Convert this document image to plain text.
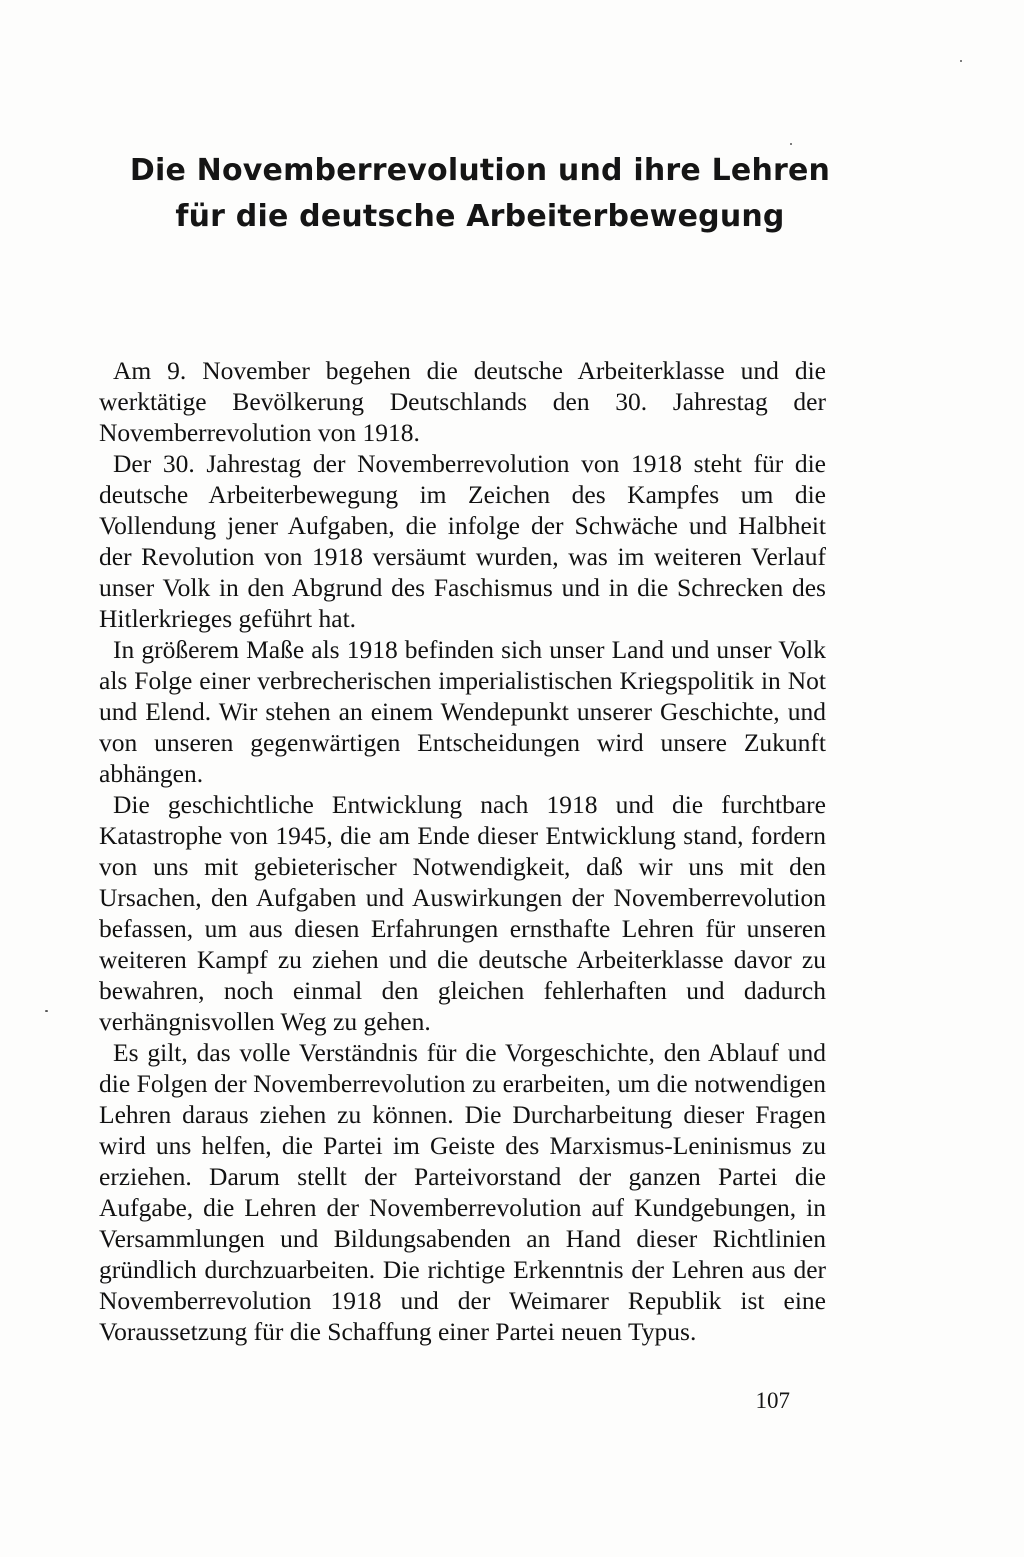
Die Novemberrevolution und ihre Lehren
für die deutsche Arbeiterbewegung

Am 9. November begehen die deutsche Arbeiterklasse und die werktätige Bevölkerung Deutschlands den 30. Jahrestag der Novemberrevolution von 1918.

Der 30. Jahrestag der Novemberrevolution von 1918 steht für die deutsche Arbeiterbewegung im Zeichen des Kampfes um die Vollendung jener Aufgaben, die infolge der Schwäche und Halbheit der Revolution von 1918 versäumt wurden, was im weiteren Verlauf unser Volk in den Abgrund des Faschismus und in die Schrecken des Hitlerkrieges geführt hat.

In größerem Maße als 1918 befinden sich unser Land und unser Volk als Folge einer verbrecherischen imperialistischen Kriegspolitik in Not und Elend. Wir stehen an einem Wendepunkt unserer Geschichte, und von unseren gegenwärtigen Entscheidungen wird unsere Zukunft abhängen.

Die geschichtliche Entwicklung nach 1918 und die furchtbare Katastrophe von 1945, die am Ende dieser Entwicklung stand, fordern von uns mit gebieterischer Notwendigkeit, daß wir uns mit den Ursachen, den Aufgaben und Auswirkungen der Novemberrevolution befassen, um aus diesen Erfahrungen ernsthafte Lehren für unseren weiteren Kampf zu ziehen und die deutsche Arbeiterklasse davor zu bewahren, noch einmal den gleichen fehlerhaften und dadurch verhängnisvollen Weg zu gehen.

Es gilt, das volle Verständnis für die Vorgeschichte, den Ablauf und die Folgen der Novemberrevolution zu erarbeiten, um die notwendigen Lehren daraus ziehen zu können. Die Durcharbeitung dieser Fragen wird uns helfen, die Partei im Geiste des Marxismus-Leninismus zu erziehen. Darum stellt der Parteivorstand der ganzen Partei die Aufgabe, die Lehren der Novemberrevolution auf Kundgebungen, in Versammlungen und Bildungsabenden an Hand dieser Richtlinien gründlich durchzuarbeiten. Die richtige Erkenntnis der Lehren aus der Novemberrevolution 1918 und der Weimarer Republik ist eine Voraussetzung für die Schaffung einer Partei neuen Typus.

107
